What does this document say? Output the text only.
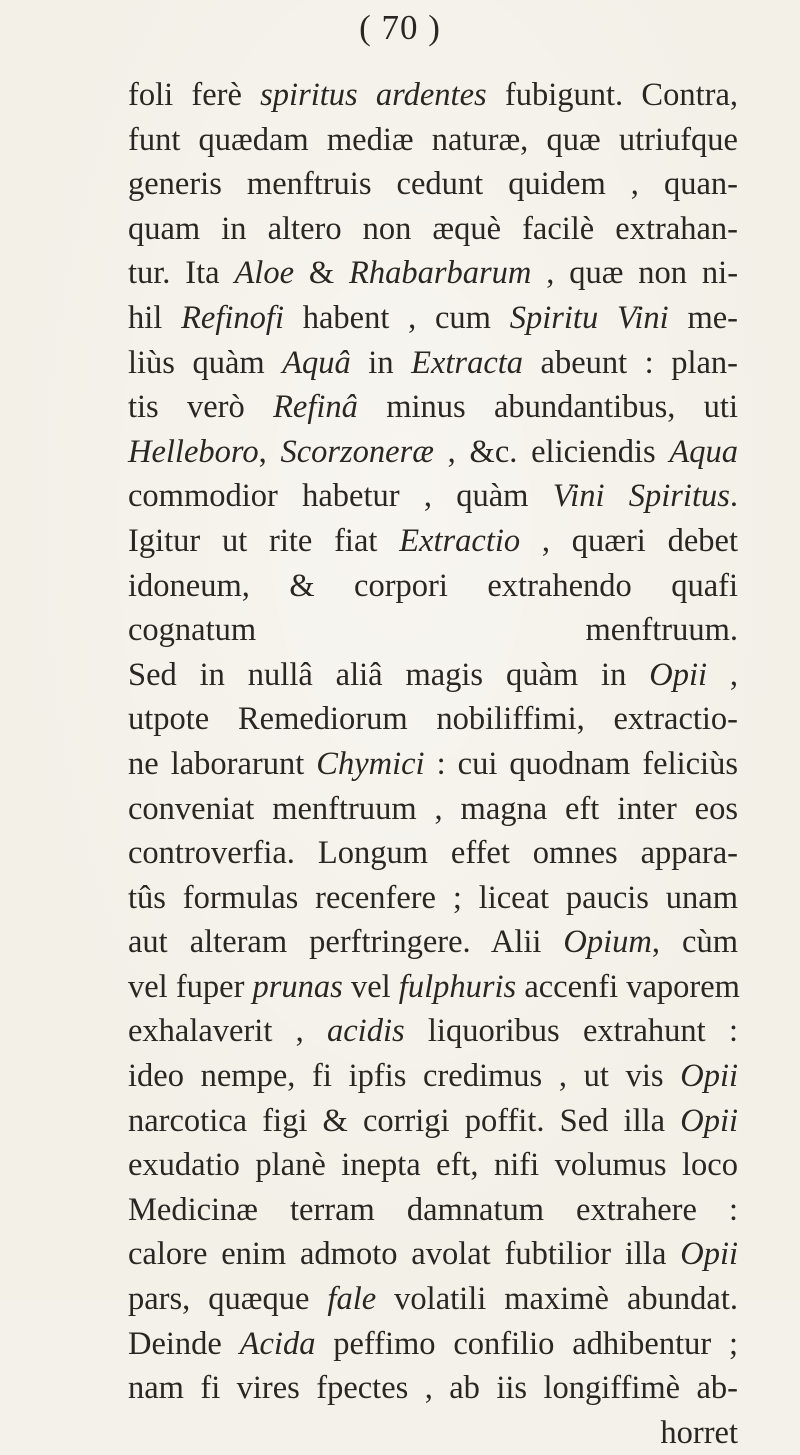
( 70 )
foli ferè spiritus ardentes fubigunt. Contra,
funt quædam mediæ naturæ, quæ utriufque
generis menftruis cedunt quidem , quan-
quam in altero non æquè facilè extrahan-
tur. Ita Aloe & Rhabarbarum , quæ non ni-
hil Refinofi habent , cum Spiritu Vini me-
liùs quàm Aquâ in Extracta abeunt : plan-
tis verò Refinâ minus abundantibus, uti
Helleboro, Scorzoneræ , &c. eliciendis Aqua
commodior habetur , quàm Vini Spiritus.
Igitur ut rite fiat Extractio , quæri debet
idoneum, & corpori extrahendo quafi
cognatum menftruum.
Sed in nullâ aliâ magis quàm in Opii ,
utpote Remediorum nobiliffimi, extractio-
ne laborarunt Chymici : cui quodnam feliciùs
conveniat menftruum , magna eft inter eos
controverfia. Longum effet omnes appara-
tûs formulas recenfere ; liceat paucis unam
aut alteram perftringere. Alii Opium, cùm
vel fuper prunas vel fulphuris accenfi vaporem
exhalaverit , acidis liquoribus extrahunt :
ideo nempe, fi ipfis credimus , ut vis Opii
narcotica figi & corrigi poffit. Sed illa Opii
exudatio planè inepta eft, nifi volumus loco
Medicinæ terram damnatum extrahere :
calore enim admoto avolat fubtilior illa Opii
pars, quæque fale volatili maximè abundat.
Deinde Acida peffimo confilio adhibentur ;
nam fi vires fpectes , ab iis longiffimè ab-
horret
